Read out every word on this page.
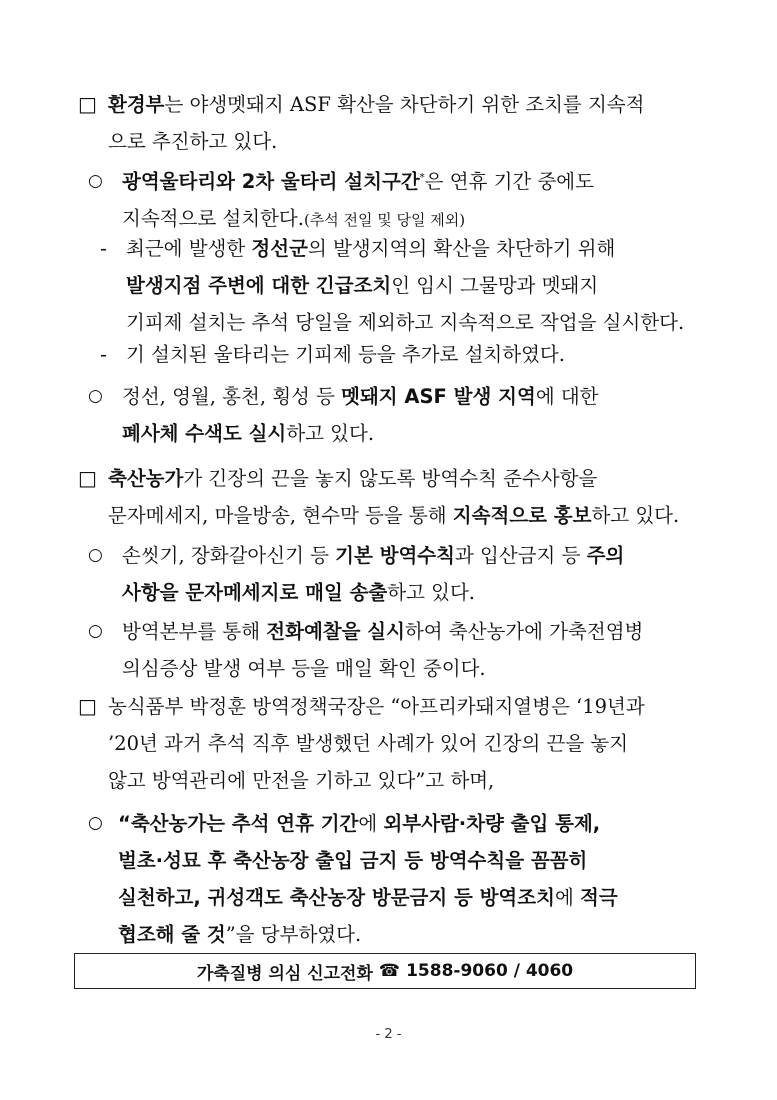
□ 환경부는 야생멧돼지 ASF 확산을 차단하기 위한 조치를 지속적
으로 추진하고 있다.
○ 광역울타리와 2차 울타리 설치구간*은 연휴 기간 중에도
지속적으로 설치한다.(추석 전일 및 당일 제외)
- 최근에 발생한 정선군의 발생지역의 확산을 차단하기 위해
발생지점 주변에 대한 긴급조치인 임시 그물망과 멧돼지
기피제 설치는 추석 당일을 제외하고 지속적으로 작업을 실시한다.
- 기 설치된 울타리는 기피제 등을 추가로 설치하였다.
○ 정선, 영월, 홍천, 횡성 등 멧돼지 ASF 발생 지역에 대한
폐사체 수색도 실시하고 있다.
□ 축산농가가 긴장의 끈을 놓지 않도록 방역수칙 준수사항을
문자메세지, 마을방송, 현수막 등을 통해 지속적으로 홍보하고 있다.
○ 손씻기, 장화갈아신기 등 기본 방역수칙과 입산금지 등 주의
사항을 문자메세지로 매일 송출하고 있다.
○ 방역본부를 통해 전화예찰을 실시하여 축산농가에 가축전염병
의심증상 발생 여부 등을 매일 확인 중이다.
□ 농식품부 박정훈 방역정책국장은 “아프리카돼지열병은 ‘19년과
’20년 과거 추석 직후 발생했던 사례가 있어 긴장의 끈을 놓지
않고 방역관리에 만전을 기하고 있다”고 하며,
○ “축산농가는 추석 연휴 기간에 외부사람·차량 출입 통제,
벌초·성묘 후 축산농장 출입 금지 등 방역수칙을 꼼꼼히
실천하고, 귀성객도 축산농장 방문금지 등 방역조치에 적극
협조해 줄 것”을 당부하였다.
가축질병 의심 신고전화 ☎ 1588-9060 / 4060
- 2 -
